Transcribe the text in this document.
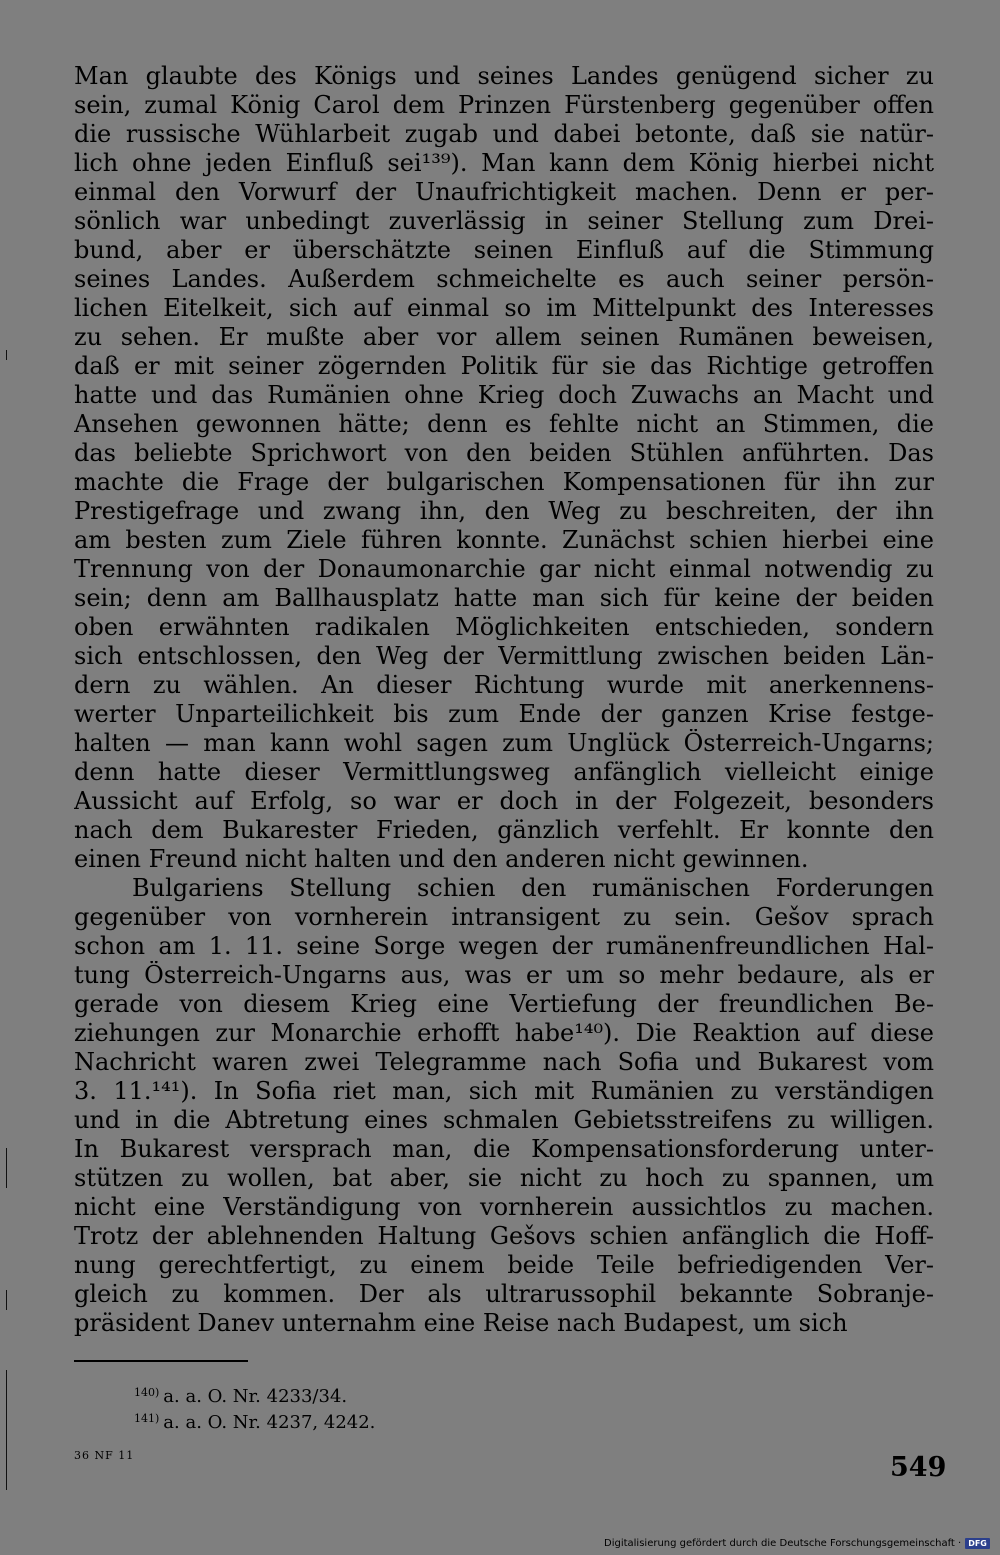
Man glaubte des Königs und seines Landes genügend sicher zu
sein, zumal König Carol dem Prinzen Fürstenberg gegenüber offen
die russische Wühlarbeit zugab und dabei betonte, daß sie natür-
lich ohne jeden Einfluß sei¹³⁹). Man kann dem König hierbei nicht
einmal den Vorwurf der Unaufrichtigkeit machen. Denn er per-
sönlich war unbedingt zuverlässig in seiner Stellung zum Drei-
bund, aber er überschätzte seinen Einfluß auf die Stimmung
seines Landes. Außerdem schmeichelte es auch seiner persön-
lichen Eitelkeit, sich auf einmal so im Mittelpunkt des Interesses
zu sehen. Er mußte aber vor allem seinen Rumänen beweisen,
daß er mit seiner zögernden Politik für sie das Richtige getroffen
hatte und das Rumänien ohne Krieg doch Zuwachs an Macht und
Ansehen gewonnen hätte; denn es fehlte nicht an Stimmen, die
das beliebte Sprichwort von den beiden Stühlen anführten. Das
machte die Frage der bulgarischen Kompensationen für ihn zur
Prestigefrage und zwang ihn, den Weg zu beschreiten, der ihn
am besten zum Ziele führen konnte. Zunächst schien hierbei eine
Trennung von der Donaumonarchie gar nicht einmal notwendig zu
sein; denn am Ballhausplatz hatte man sich für keine der beiden
oben erwähnten radikalen Möglichkeiten entschieden, sondern
sich entschlossen, den Weg der Vermittlung zwischen beiden Län-
dern zu wählen. An dieser Richtung wurde mit anerkennens-
werter Unparteilichkeit bis zum Ende der ganzen Krise festge-
halten — man kann wohl sagen zum Unglück Österreich-Ungarns;
denn hatte dieser Vermittlungsweg anfänglich vielleicht einige
Aussicht auf Erfolg, so war er doch in der Folgezeit, besonders
nach dem Bukarester Frieden, gänzlich verfehlt. Er konnte den
einen Freund nicht halten und den anderen nicht gewinnen.
Bulgariens Stellung schien den rumänischen Forderungen
gegenüber von vornherein intransigent zu sein. Gešov sprach
schon am 1. 11. seine Sorge wegen der rumänenfreundlichen Hal-
tung Österreich-Ungarns aus, was er um so mehr bedaure, als er
gerade von diesem Krieg eine Vertiefung der freundlichen Be-
ziehungen zur Monarchie erhofft habe¹⁴⁰). Die Reaktion auf diese
Nachricht waren zwei Telegramme nach Sofia und Bukarest vom
3. 11.¹⁴¹). In Sofia riet man, sich mit Rumänien zu verständigen
und in die Abtretung eines schmalen Gebietsstreifens zu willigen.
In Bukarest versprach man, die Kompensationsforderung unter-
stützen zu wollen, bat aber, sie nicht zu hoch zu spannen, um
nicht eine Verständigung von vornherein aussichtlos zu machen.
Trotz der ablehnenden Haltung Gešovs schien anfänglich die Hoff-
nung gerechtfertigt, zu einem beide Teile befriedigenden Ver-
gleich zu kommen. Der als ultrarussophil bekannte Sobranje-
präsident Danev unternahm eine Reise nach Budapest, um sich
$^{140)}$ a. a. O. Nr. 4233/34.
$^{141)}$ a. a. O. Nr. 4237, 4242.
36 NF 11	549
Digitalisierung gefördert durch die Deutsche Forschungsgemeinschaft · DFG
